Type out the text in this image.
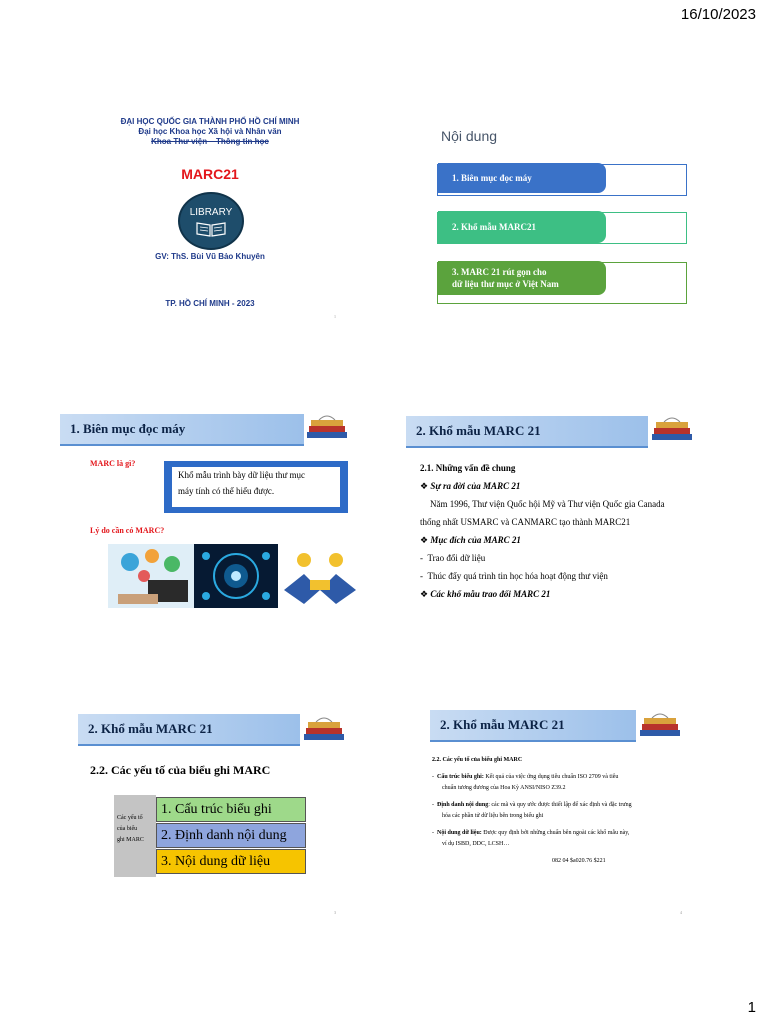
16/10/2023
1
ĐẠI HỌC QUỐC GIA THÀNH PHỐ HỒ CHÍ MINH
Đại học Khoa học Xã hội và Nhân văn
Khoa Thư viện – Thông tin học
MARC21
LIBRARY
GV: ThS. Bùi Vũ Bảo Khuyên
TP. HỒ CHÍ MINH - 2023
1
Nội dung
1. Biên mục đọc máy
2. Khổ mẫu MARC21
3. MARC 21 rút gọn cho
dữ liệu thư mục ở Việt Nam
1. Biên mục đọc máy
MARC là gì?
Khổ mẫu trình bày dữ liệu thư mục
máy tính có thể hiểu được.
Lý do cần có MARC?
2. Khổ mẫu MARC 21
2.1. Những vấn đề chung
❖ Sự ra đời của MARC 21
Năm 1996, Thư viện Quốc hội Mỹ và Thư viện Quốc gia Canada
thống nhất USMARC và CANMARC tạo thành MARC21
❖ Mục đích của MARC 21
-  Trao đổi dữ liệu
-  Thúc đẩy quá trình tin học hóa hoạt động thư viện
❖ Các khổ mẫu trao đổi MARC 21
2. Khổ mẫu MARC 21
2.2. Các yếu tố của biểu ghi MARC
Các yếu tố
của biểu
ghi MARC
1. Cấu trúc biểu ghi
2. Định danh nội dung
3. Nội dung dữ liệu
3
2. Khổ mẫu MARC 21
2.2. Các yếu tố của biểu ghi MARC
-  Cấu trúc biểu ghi: Kết quả của việc ứng dụng tiêu chuẩn ISO 2709 và tiêu
chuẩn tương đương của Hoa Kỳ ANSI/NISO Z39.2
-  Định danh nội dung: các mã và quy ước được thiết lập để xác định và đặc trưng
hóa các phần tử dữ liệu bên trong biểu ghi
-  Nội dung dữ liệu: Được quy định bởi những chuẩn bên ngoài các khổ mẫu này,
ví dụ ISBD, DDC, LCSH…
082 04 $a020.76 $221
4
